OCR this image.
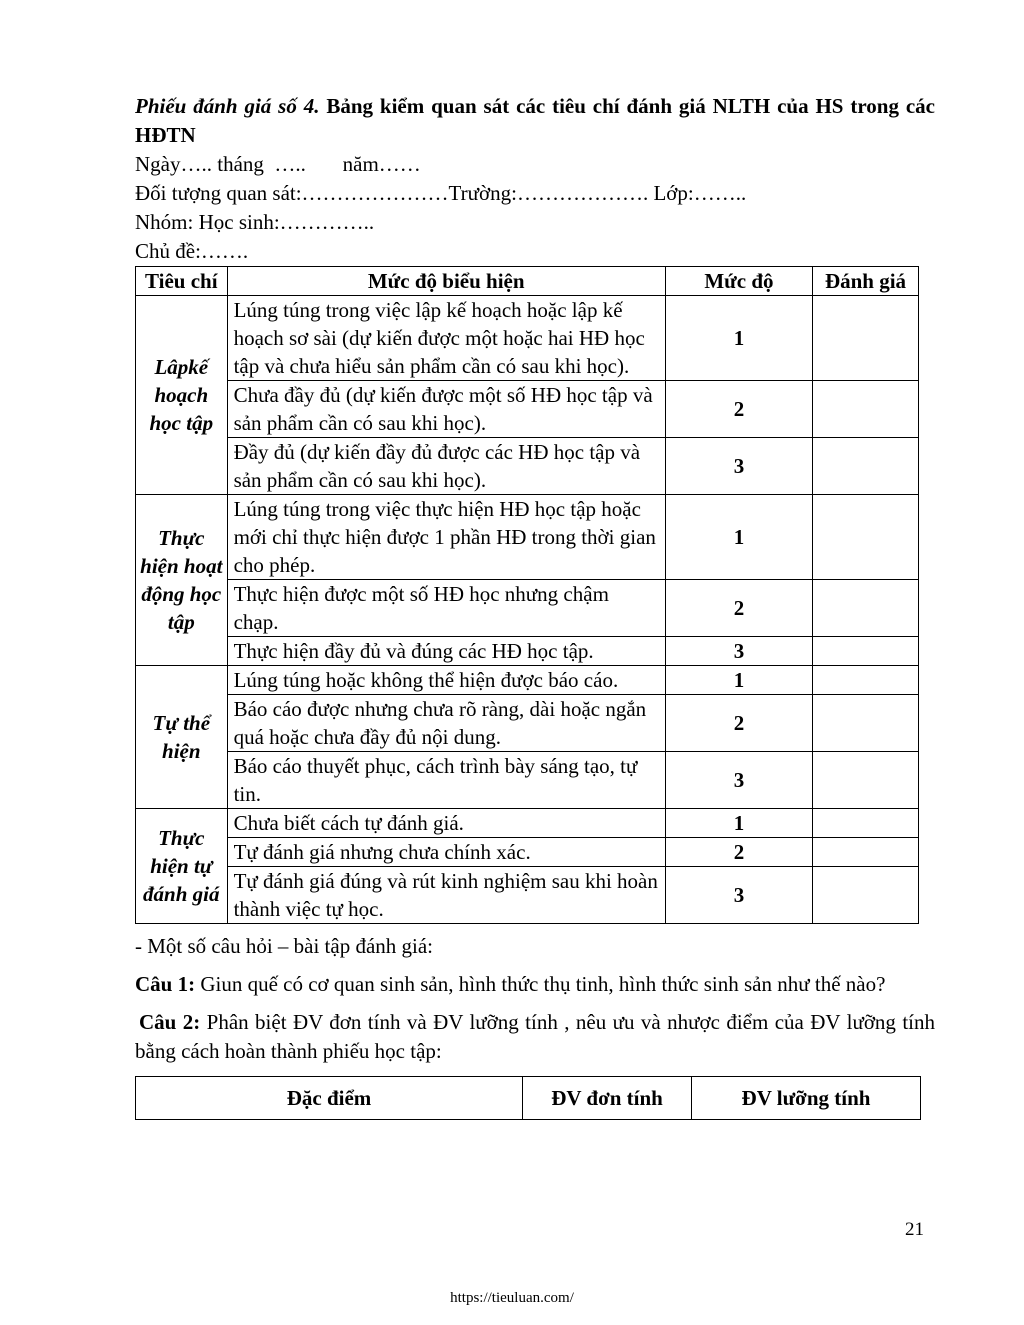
Phiếu đánh giá số 4. Bảng kiểm quan sát các tiêu chí đánh giá NLTH của HS trong các HĐTN

Ngày….. tháng  …..       năm……

Đối tượng quan sát:…………………Trường:………………. Lớp:……..

Nhóm: Học sinh:…………..

Chủ đề:…….

Tiêu chí	Mức độ biểu hiện	Mức độ	Đánh giá
Lâpkế hoạch học tập	Lúng túng trong việc lập kế hoạch hoặc lập kế hoạch sơ sài (dự kiến được một hoặc hai HĐ học tập và chưa hiểu sản phẩm cần có sau khi học).	1	
	Chưa đầy đủ (dự kiến được một số HĐ học tập và sản phẩm cần có sau khi học).	2	
	Đầy đủ (dự kiến đầy đủ được các HĐ học tập và sản phẩm cần có sau khi học).	3	
Thực hiện hoạt động học tập	Lúng túng trong việc thực hiện HĐ học tập hoặc mới chỉ thực hiện được 1 phần HĐ trong thời gian cho phép.	1	
	Thực hiện được một số HĐ học nhưng chậm chạp.	2	
	Thực hiện đầy đủ và đúng các HĐ học tập.	3	
Tự thể hiện	Lúng túng hoặc không thể hiện được báo cáo.	1	
	Báo cáo được nhưng chưa rõ ràng, dài hoặc ngắn quá hoặc chưa đầy đủ nội dung.	2	
	Báo cáo thuyết phục, cách trình bày sáng tạo, tự tin.	3	
Thực hiện tự đánh giá	Chưa biết cách tự đánh giá.	1	
	Tự đánh giá nhưng chưa chính xác.	2	
	Tự đánh giá đúng và rút kinh nghiệm sau khi hoàn thành việc tự học.	3	

- Một số câu hỏi – bài tập đánh giá:

Câu 1: Giun quế có cơ quan sinh sản, hình thức thụ tinh, hình thức sinh sản như thế nào?

Câu 2: Phân biệt ĐV đơn tính và ĐV lưỡng tính , nêu ưu và nhược điểm của ĐV lưỡng tính bằng cách hoàn thành phiếu học tập:

Đặc điểm	ĐV đơn tính	ĐV lưỡng tính
21
https://tieuluan.com/
